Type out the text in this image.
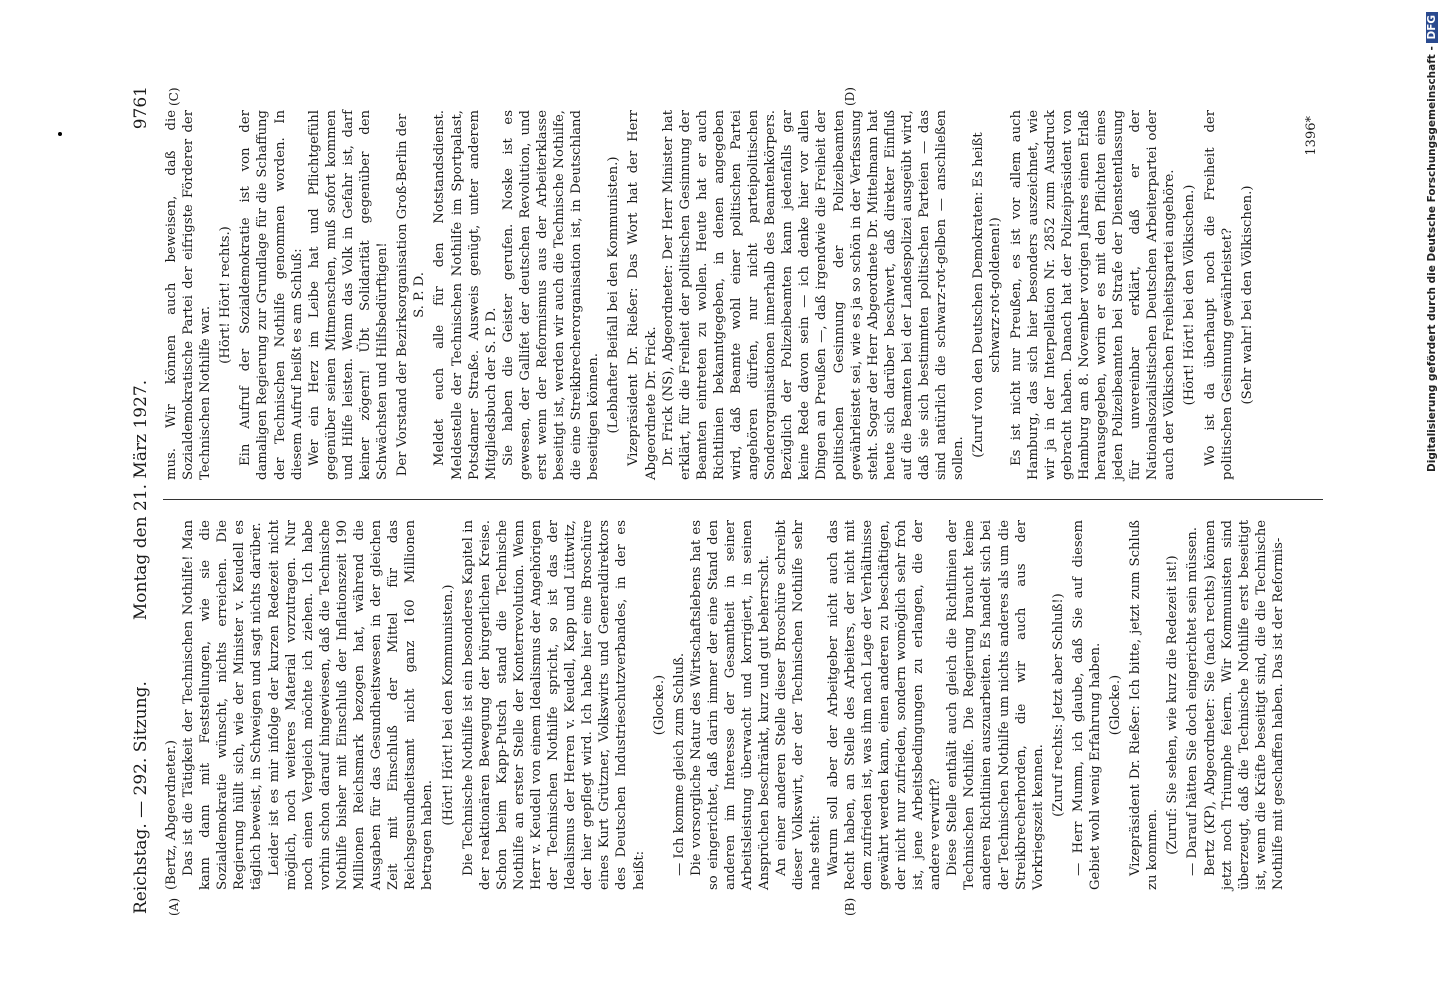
Reichstag. — 292. Sitzung.
Montag den 21. März 1927.
9761

(Bertz, Abgeordneter.) Das ist die Tätigkeit der Technischen Nothilfe! Man kann dann mit Feststellungen, wie sie die Sozialdemokratie wünscht, nichts erreichen. Die Regierung hüllt sich, wie der Minister v. Keudell es täglich beweist, in Schweigen und sagt nichts darüber. Leider ist es mir infolge der kurzen Redezeit nicht möglich, noch weiteres Material vorzutragen. Nur noch einen Vergleich möchte ich ziehen. Ich habe vorhin schon darauf hingewiesen, daß die Technische Nothilfe bisher mit Einschluß der Inflationszeit 190 Millionen Reichsmark bezogen hat, während die Ausgaben für das Gesundheitswesen in der gleichen Zeit mit Einschluß der Mittel für das Reichsgesundheitsamt nicht ganz 160 Millionen betragen haben.

(Hört! Hört! bei den Kommunisten.) Die Technische Nothilfe ist ein besonderes Kapitel in der reaktionären Bewegung der bürgerlichen Kreise. Schon beim Kapp-Putsch stand die Technische Nothilfe an erster Stelle der Konterrevolution. Wenn Herr v. Keudell von einem Idealismus der Angehörigen der Technischen Nothilfe spricht, so ist das der Idealismus der Herren v. Keudell, Kapp und Lüttwitz, der hier gepflegt wird. Ich habe hier eine Broschüre eines Kurt Grützner, Volkswirts und Generaldirektors des Deutschen Industrieschutzverbandes, in der es heißt:

(Glocke.) — Ich komme gleich zum Schluß. Die vorsorgliche Natur des Wirtschaftslebens hat es so eingerichtet, daß darin immer der eine Stand den anderen im Interesse der Gesamtheit in seiner Arbeitsleistung überwacht und korrigiert, in seinen Ansprüchen beschränkt, kurz und gut beherrscht. An einer anderen Stelle dieser Broschüre schreibt dieser Volkswirt, der der Technischen Nothilfe sehr nahe steht: Warum soll aber der Arbeitgeber nicht auch das Recht haben, an Stelle des Arbeiters, der nicht mit dem zufrieden ist, was ihm nach Lage der Verhältnisse gewährt werden kann, einen anderen zu beschäftigen, der nicht nur zufrieden, sondern womöglich sehr froh ist, jene Arbeitsbedingungen zu erlangen, die der andere verwirft? Diese Stelle enthält auch gleich die Richtlinien der Technischen Nothilfe. Die Regierung braucht keine anderen Richtlinien auszuarbeiten. Es handelt sich bei der Technischen Nothilfe um nichts anderes als um die Streikbrecherhorden, die wir auch aus der Vorkriegszeit kennen.

(Zuruf rechts: Jetzt aber Schluß!) — Herr Mumm, ich glaube, daß Sie auf diesem Gebiet wohl wenig Erfahrung haben. (Glocke.) Vizepräsident Dr. Rießer: Ich bitte, jetzt zum Schluß zu kommen. (Zuruf: Sie sehen, wie kurz die Redezeit ist!) — Darauf hätten Sie doch eingerichtet sein müssen. Bertz (KP), Abgeordneter: Sie (nach rechts) können jetzt noch Triumphe feiern. Wir Kommunisten sind überzeugt, daß die Technische Nothilfe erst beseitigt ist, wenn die Kräfte beseitigt sind, die die Technische Nothilfe mit geschaffen haben. Das ist der Reformis-

mus. Wir können auch beweisen, daß die Sozialdemokratische Partei der eifrigste Förderer der Technischen Nothilfe war.

(Hört! Hört! rechts.) Ein Aufruf der Sozialdemokratie ist von der damaligen Regierung zur Grundlage für die Schaffung der Technischen Nothilfe genommen worden. In diesem Aufruf heißt es am Schluß: Wer ein Herz im Leibe hat und Pflichtgefühl gegenüber seinen Mitmenschen, muß sofort kommen und Hilfe leisten. Wenn das Volk in Gefahr ist, darf keiner zögern! Übt Solidarität gegenüber den Schwächsten und Hilfsbedürftigen! Der Vorstand der Bezirksorganisation Groß-Berlin der S. P. D. Meldet euch alle für den Notstandsdienst. Meldestelle der Technischen Nothilfe im Sportpalast, Potsdamer Straße. Ausweis genügt, unter anderem Mitgliedsbuch der S. P. D. Sie haben die Geister gerufen. Noske ist es gewesen, der Gallifet der deutschen Revolution, und erst wenn der Reformismus aus der Arbeiterklasse beseitigt ist, werden wir auch die Technische Nothilfe, die eine Streikbrecherorganisation ist, in Deutschland beseitigen können. (Lebhafter Beifall bei den Kommunisten.) Vizepräsident Dr. Rießer: Das Wort hat der Herr Abgeordnete Dr. Frick. Dr. Frick (NS), Abgeordneter: Der Herr Minister hat erklärt, für die Freiheit der politischen Gesinnung der Beamten eintreten zu wollen. Heute hat er auch Richtlinien bekanntgegeben, in denen angegeben wird, daß Beamte wohl einer politischen Partei angehören dürfen, nur nicht parteipolitischen Sonderorganisationen innerhalb des Beamtenkörpers. Bezüglich der Polizeibeamten kann jedenfalls gar keine Rede davon sein — ich denke hier vor allen Dingen an Preußen —, daß irgendwie die Freiheit der politischen Gesinnung der Polizeibeamten gewährleistet sei, wie es ja so schön in der Verfassung steht. Sogar der Herr Abgeordnete Dr. Mittelmann hat heute sich darüber beschwert, daß direkter Einfluß auf die Beamten bei der Landespolizei ausgeübt wird, daß sie sich bestimmten politischen Parteien — das sind natürlich die schwarz-rot-gelben — anschließen sollen.

(Zuruf von den Deutschen Demokraten: Es heißt schwarz-rot-goldenen!) Es ist nicht nur Preußen, es ist vor allem auch Hamburg, das sich hier besonders auszeichnet, wie wir ja in der Interpellation Nr. 2852 zum Ausdruck gebracht haben. Danach hat der Polizeipräsident von Hamburg am 8. November vorigen Jahres einen Erlaß herausgegeben, worin er es mit den Pflichten eines jeden Polizeibeamten bei Strafe der Dienstentlassung für unvereinbar erklärt, daß er der Nationalsozialistischen Deutschen Arbeiterpartei oder auch der Völkischen Freiheitspartei angehöre. (Hört! Hört! bei den Völkischen.) Wo ist da überhaupt noch die Freiheit der politischen Gesinnung gewährleistet? (Sehr wahr! bei den Völkischen.)

(A)	(B)
(C)	(D)
1396*	Digitalisierung gefördert durch die Deutsche Forschungsgemeinschaft - DFG
